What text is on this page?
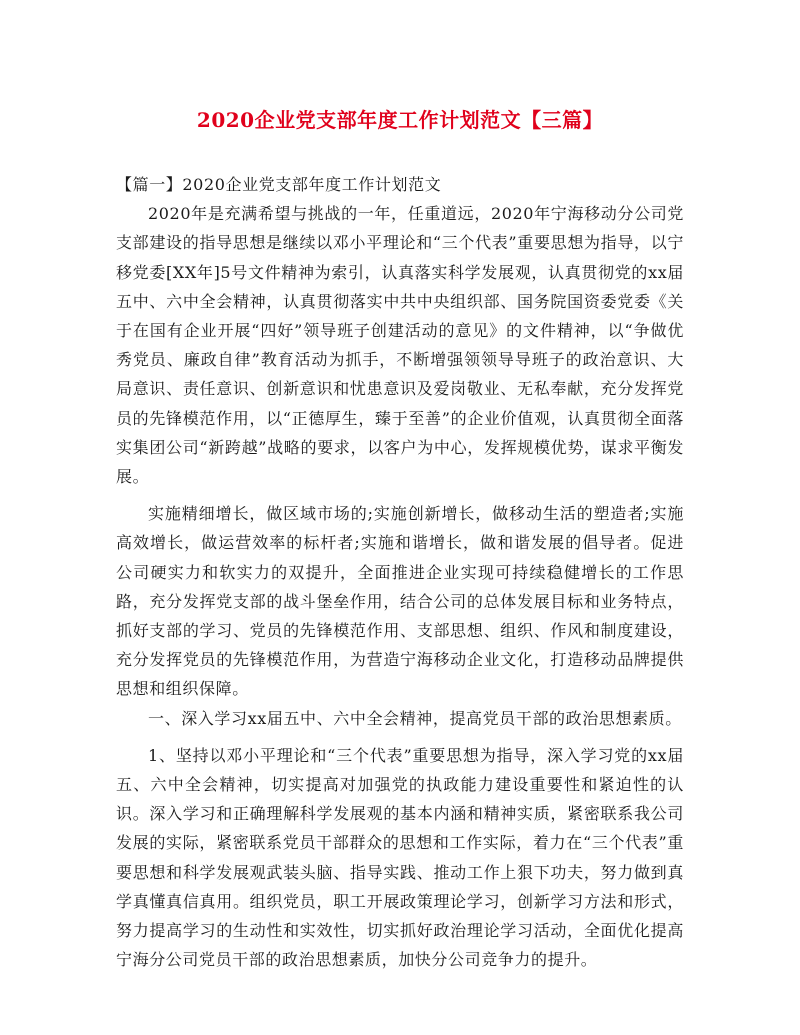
2020企业党支部年度工作计划范文【三篇】

【篇一】2020企业党支部年度工作计划范文

2020年是充满希望与挑战的一年，任重道远，2020年宁海移动分公司党支部建设的指导思想是继续以邓小平理论和“三个代表”重要思想为指导，以宁移党委[XX年]5号文件精神为索引，认真落实科学发展观，认真贯彻党的xx届五中、六中全会精神，认真贯彻落实中共中央组织部、国务院国资委党委《关于在国有企业开展“四好”领导班子创建活动的意见》的文件精神，以“争做优秀党员、廉政自律”教育活动为抓手，不断增强领领导导班子的政治意识、大局意识、责任意识、创新意识和忧患意识及爱岗敬业、无私奉献，充分发挥党员的先锋模范作用，以“正德厚生，臻于至善”的企业价值观，认真贯彻全面落实集团公司“新跨越”战略的要求，以客户为中心，发挥规模优势，谋求平衡发展。

实施精细增长，做区域市场的;实施创新增长，做移动生活的塑造者;实施高效增长，做运营效率的标杆者;实施和谐增长，做和谐发展的倡导者。促进公司硬实力和软实力的双提升，全面推进企业实现可持续稳健增长的工作思路，充分发挥党支部的战斗堡垒作用，结合公司的总体发展目标和业务特点，抓好支部的学习、党员的先锋模范作用、支部思想、组织、作风和制度建设，充分发挥党员的先锋模范作用，为营造宁海移动企业文化，打造移动品牌提供思想和组织保障。

一、深入学习xx届五中、六中全会精神，提高党员干部的政治思想素质。

1、坚持以邓小平理论和“三个代表”重要思想为指导，深入学习党的xx届五、六中全会精神，切实提高对加强党的执政能力建设重要性和紧迫性的认识。深入学习和正确理解科学发展观的基本内涵和精神实质，紧密联系我公司发展的实际，紧密联系党员干部群众的思想和工作实际，着力在“三个代表”重要思想和科学发展观武装头脑、指导实践、推动工作上狠下功夫，努力做到真学真懂真信真用。组织党员，职工开展政策理论学习，创新学习方法和形式，努力提高学习的生动性和实效性，切实抓好政治理论学习活动，全面优化提高宁海分公司党员干部的政治思想素质，加快分公司竞争力的提升。
